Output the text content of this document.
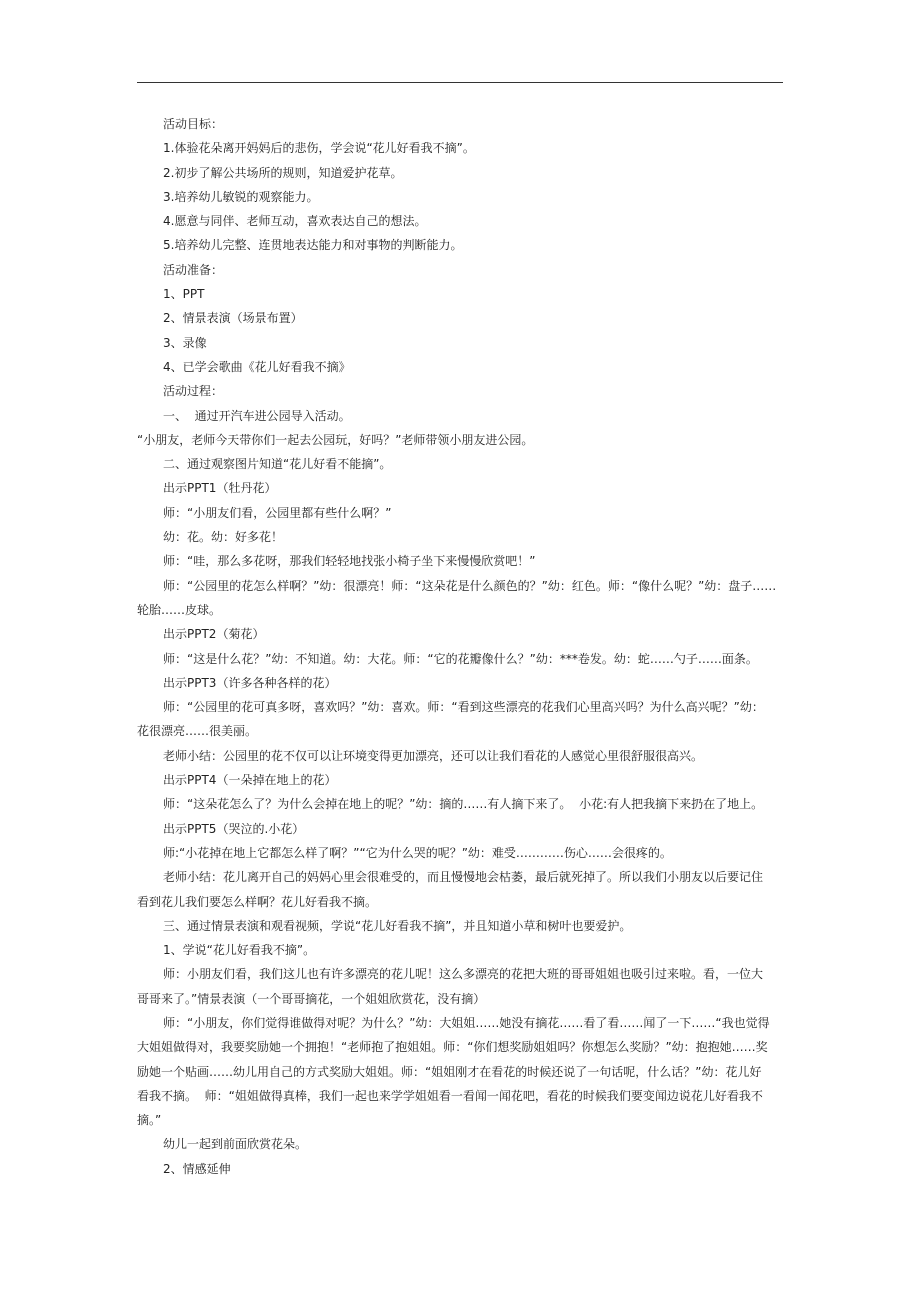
活动目标：

1.体验花朵离开妈妈后的悲伤，学会说“花儿好看我不摘”。

2.初步了解公共场所的规则，知道爱护花草。

3.培养幼儿敏锐的观察能力。

4.愿意与同伴、老师互动，喜欢表达自己的想法。

5.培养幼儿完整、连贯地表达能力和对事物的判断能力。

活动准备：

1、PPT

2、情景表演（场景布置）

3、录像

4、已学会歌曲《花儿好看我不摘》

活动过程：

一、  通过开汽车进公园导入活动。

“小朋友，老师今天带你们一起去公园玩，好吗？”老师带领小朋友进公园。

二、通过观察图片知道“花儿好看不能摘”。

出示PPT1（牡丹花）

师：“小朋友们看，公园里都有些什么啊？”

幼：花。幼：好多花！

师：“哇，那么多花呀，那我们轻轻地找张小椅子坐下来慢慢欣赏吧！”

师：“公园里的花怎么样啊？”幼：很漂亮！师：“这朵花是什么颜色的？”幼：红色。师：“像什么呢？”幼：盘子……

轮胎……皮球。

出示PPT2（菊花）

师：“这是什么花？”幼：不知道。幼：大花。师：“它的花瓣像什么？”幼：***卷发。幼：蛇……勺子……面条。

出示PPT3（许多各种各样的花）

师：“公园里的花可真多呀，喜欢吗？”幼：喜欢。师：“看到这些漂亮的花我们心里高兴吗？为什么高兴呢？”幼：

花很漂亮……很美丽。

老师小结：公园里的花不仅可以让环境变得更加漂亮，还可以让我们看花的人感觉心里很舒服很高兴。

出示PPT4（一朵掉在地上的花）

师：“这朵花怎么了？为什么会掉在地上的呢？”幼：摘的……有人摘下来了。  小花:有人把我摘下来扔在了地上。

出示PPT5（哭泣的.小花）

师:“小花掉在地上它都怎么样了啊？”“它为什么哭的呢？”幼：难受…………伤心……会很疼的。

老师小结：花儿离开自己的妈妈心里会很难受的，而且慢慢地会枯萎，最后就死掉了。所以我们小朋友以后要记住

看到花儿我们要怎么样啊？花儿好看我不摘。

三、通过情景表演和观看视频，学说“花儿好看我不摘”，并且知道小草和树叶也要爱护。

1、学说“花儿好看我不摘”。

师：小朋友们看，我们这儿也有许多漂亮的花儿呢！这么多漂亮的花把大班的哥哥姐姐也吸引过来啦。看，一位大

哥哥来了。”情景表演（一个哥哥摘花，一个姐姐欣赏花，没有摘）

师：“小朋友，你们觉得谁做得对呢？为什么？”幼：大姐姐……她没有摘花……看了看……闻了一下……“我也觉得

大姐姐做得对，我要奖励她一个拥抱！“老师抱了抱姐姐。师：“你们想奖励姐姐吗？你想怎么奖励？”幼：抱抱她……奖

励她一个贴画……幼儿用自己的方式奖励大姐姐。师：“姐姐刚才在看花的时候还说了一句话呢，什么话？”幼：花儿好

看我不摘。  师：“姐姐做得真棒，我们一起也来学学姐姐看一看闻一闻花吧，看花的时候我们要变闻边说花儿好看我不

摘。”

幼儿一起到前面欣赏花朵。

2、情感延伸
